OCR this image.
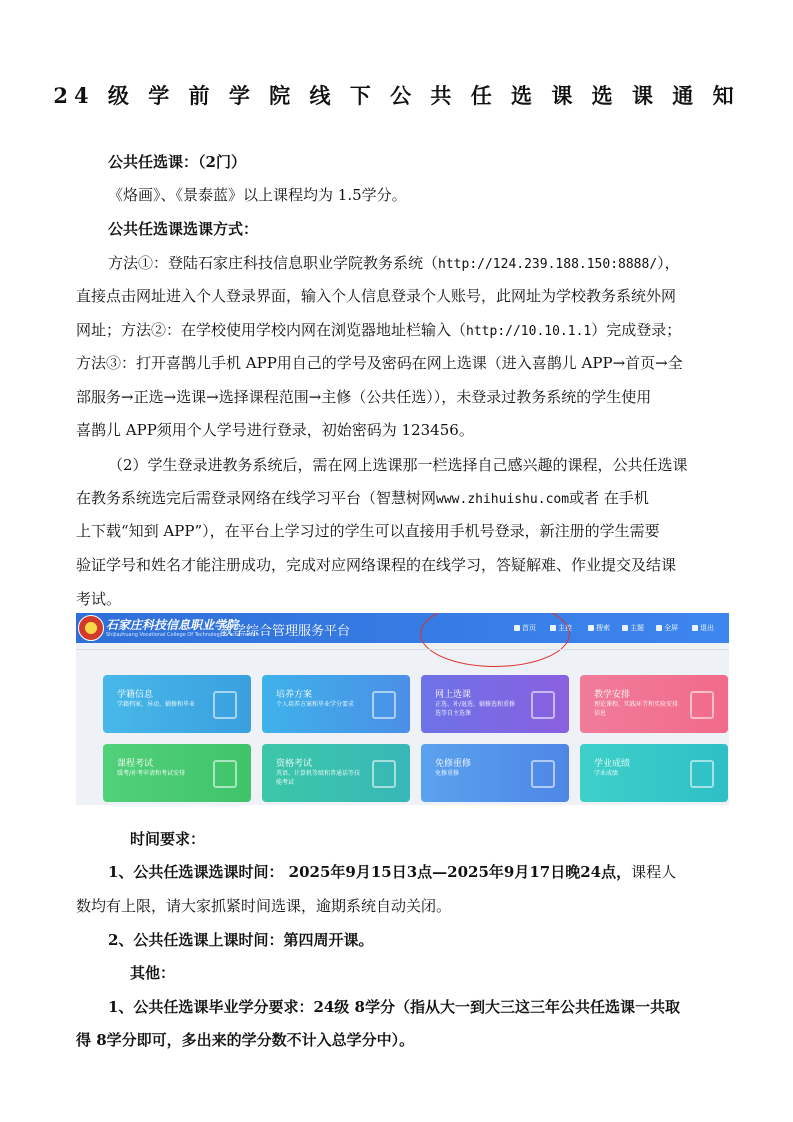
24 级 学 前 学 院 线 下 公 共 任 选 课 选 课 通 知
公共任选课：（2门）
《烙画》、《景泰蓝》以上课程均为 1.5学分。
公共任选课选课方式：
方法①：登陆石家庄科技信息职业学院教务系统（http://124.239.188.150:8888/），
直接点击网址进入个人登录界面，输入个人信息登录个人账号，此网址为学校教务系统外网
网址；方法②：在学校使用学校内网在浏览器地址栏输入（http://10.10.1.1）完成登录；
方法③：打开喜鹊儿手机 APP用自己的学号及密码在网上选课（进入喜鹊儿 APP→首页→全
部服务→正选→选课→选择课程范围→主修（公共任选）），未登录过教务系统的学生使用
喜鹊儿 APP须用个人学号进行登录，初始密码为 123456。
（2）学生登录进教务系统后，需在网上选课那一栏选择自己感兴趣的课程，公共任选课
在教务系统选完后需登录网络在线学习平台（智慧树网www.zhihuishu.com或者 在手机
上下载“知到 APP”），在平台上学习过的学生可以直接用手机号登录，新注册的学生需要
验证学号和姓名才能注册成功，完成对应网络课程的在线学习，答疑解难、作业提交及结课
考试。
石家庄科技信息职业学院
Shijiazhuang Vocational College Of Technology & Information
教学综合管理服务平台	首页	主控	搜索	主题	全屏	退出
学籍信息
学籍档案、异动、辅修和毕业
培养方案
个人培养方案和毕业学分要求
网上选课
正选、补/退选、辅修选和重修选等自主选课
教学安排
理论课程、实践环节和实验安排信息
课程考试
缓考/补考申请和考试安排
资格考试
英语、计算机等级和普通话等技能考试
免修重修
免修重修
学业成绩
学业成绩
时间要求：
1、公共任选课选课时间： 2025年9月15日3点—2025年9月17日晚24点，课程人
数均有上限，请大家抓紧时间选课，逾期系统自动关闭。
2、公共任选课上课时间：第四周开课。
其他：
1、公共任选课毕业学分要求：24级 8学分（指从大一到大三这三年公共任选课一共取
得 8学分即可，多出来的学分数不计入总学分中）。
